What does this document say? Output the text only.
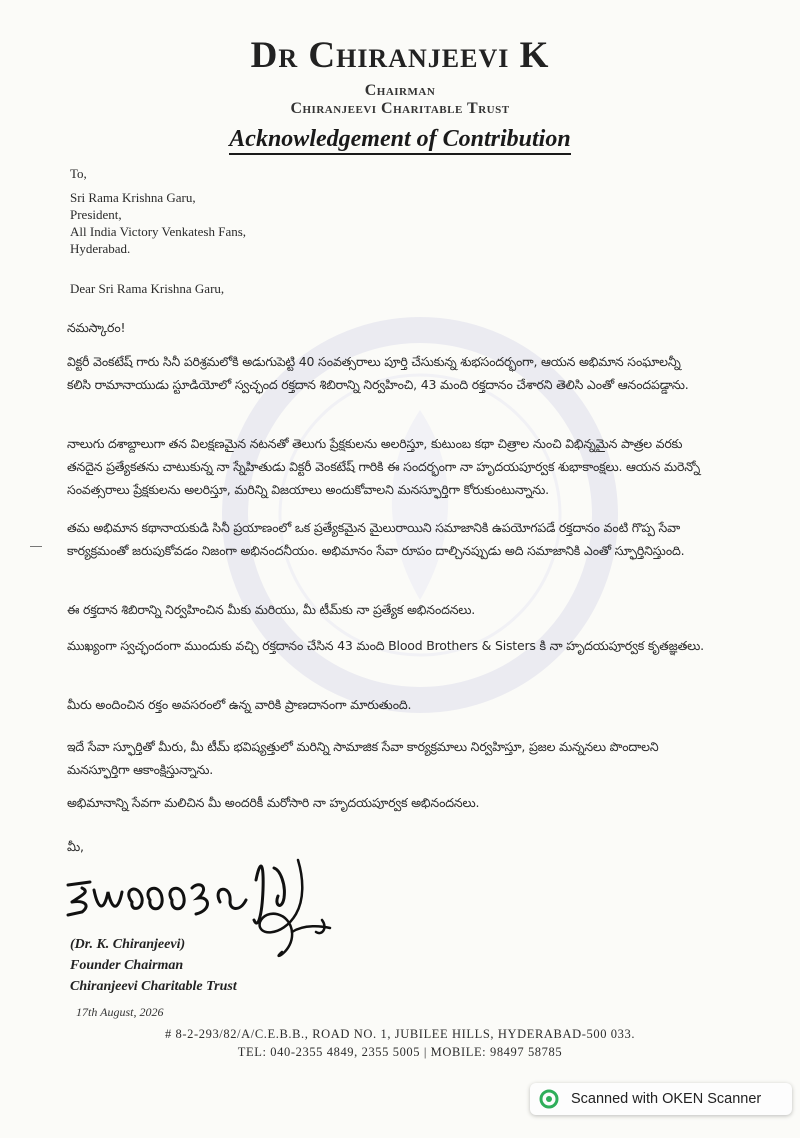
Dr Chiranjeevi K
Chairman
Chiranjeevi Charitable Trust
Acknowledgement of Contribution
To,
Sri Rama Krishna Garu,
President,
All India Victory Venkatesh Fans,
Hyderabad.
Dear Sri Rama Krishna Garu,
నమస్కారం!
విక్టరీ వెంకటేష్ గారు సినీ పరిశ్రమలోకి అడుగుపెట్టి 40 సంవత్సరాలు పూర్తి చేసుకున్న శుభసందర్భంగా, ఆయన అభిమాన సంఘాలన్నీ కలిసి రామానాయుడు స్టూడియోలో స్వచ్ఛంద రక్తదాన శిబిరాన్ని నిర్వహించి, 43 మంది రక్తదానం చేశారని తెలిసి ఎంతో ఆనందపడ్డాను.
నాలుగు దశాబ్దాలుగా తన విలక్షణమైన నటనతో తెలుగు ప్రేక్షకులను అలరిస్తూ, కుటుంబ కథా చిత్రాల నుంచి విభిన్నమైన పాత్రల వరకు తనదైన ప్రత్యేకతను చాటుకున్న నా స్నేహితుడు విక్టరీ వెంకటేష్ గారికి ఈ సందర్భంగా నా హృదయపూర్వక శుభాకాంక్షలు. ఆయన మరెన్నో సంవత్సరాలు ప్రేక్షకులను అలరిస్తూ, మరిన్ని విజయాలు అందుకోవాలని మనస్ఫూర్తిగా కోరుకుంటున్నాను.
తమ అభిమాన కథానాయకుడి సినీ ప్రయాణంలో ఒక ప్రత్యేకమైన మైలురాయిని సమాజానికి ఉపయోగపడే రక్తదానం వంటి గొప్ప సేవా కార్యక్రమంతో జరుపుకోవడం నిజంగా అభినందనీయం. అభిమానం సేవా రూపం దాల్చినప్పుడు అది సమాజానికి ఎంతో స్ఫూర్తినిస్తుంది.
ఈ రక్తదాన శిబిరాన్ని నిర్వహించిన మీకు మరియు, మీ టీమ్‌కు నా ప్రత్యేక అభినందనలు.
ముఖ్యంగా స్వచ్ఛందంగా ముందుకు వచ్చి రక్తదానం చేసిన 43 మంది Blood Brothers & Sisters కి నా హృదయపూర్వక కృతజ్ఞతలు.
మీరు అందించిన రక్తం అవసరంలో ఉన్న వారికి ప్రాణదానంగా మారుతుంది.
ఇదే సేవా స్ఫూర్తితో మీరు, మీ టీమ్ భవిష్యత్తులో మరిన్ని సామాజిక సేవా కార్యక్రమాలు నిర్వహిస్తూ, ప్రజల మన్ననలు పొందాలని మనస్ఫూర్తిగా ఆకాంక్షిస్తున్నాను.
అభిమానాన్ని సేవగా మలిచిన మీ అందరికీ మరోసారి నా హృదయపూర్వక అభినందనలు.
మీ,
(Dr. K. Chiranjeevi)
Founder Chairman
Chiranjeevi Charitable Trust
17th August, 2026
# 8-2-293/82/A/C.E.B.B., ROAD NO. 1, JUBILEE HILLS, HYDERABAD-500 033.
TEL: 040-2355 4849, 2355 5005 | MOBILE: 98497 58785
Scanned with OKEN Scanner
